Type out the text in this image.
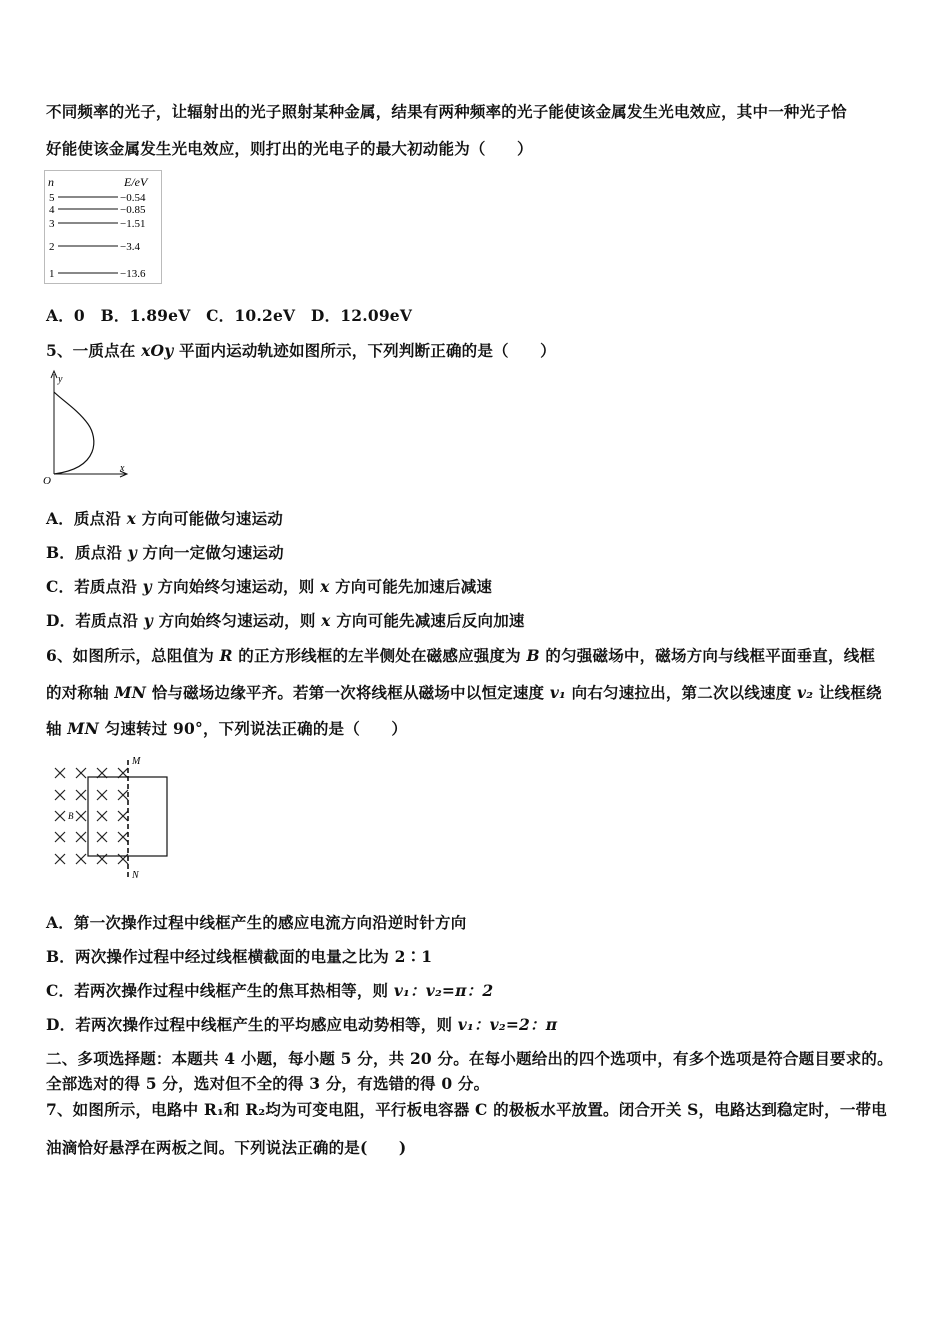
不同频率的光子，让辐射出的光子照射某种金属，结果有两种频率的光子能使该金属发生光电效应，其中一种光子恰
好能使该金属发生光电效应，则打出的光电子的最大初动能为（　　）
n	E/eV
5	−0.54
4	−0.85
3	−1.51
2	−3.4
1	−13.6
A．0　B．1.89eV　C．10.2eV　D．12.09eV
5、一质点在 xOy 平面内运动轨迹如图所示，下列判断正确的是（　　）
y
x
O
A．质点沿 x 方向可能做匀速运动
B．质点沿 y 方向一定做匀速运动
C．若质点沿 y 方向始终匀速运动，则 x 方向可能先加速后减速
D．若质点沿 y 方向始终匀速运动，则 x 方向可能先减速后反向加速
6、如图所示，总阻值为 R 的正方形线框的左半侧处在磁感应强度为 B 的匀强磁场中，磁场方向与线框平面垂直，线框
的对称轴 MN 恰与磁场边缘平齐。若第一次将线框从磁场中以恒定速度 v₁ 向右匀速拉出，第二次以线速度 v₂ 让线框绕
轴 MN 匀速转过 90°，下列说法正确的是（　　）
M
N
B
A．第一次操作过程中线框产生的感应电流方向沿逆时针方向
B．两次操作过程中经过线框横截面的电量之比为 2∶1
C．若两次操作过程中线框产生的焦耳热相等，则 v₁：v₂=π：2
D．若两次操作过程中线框产生的平均感应电动势相等，则 v₁：v₂=2：π
二、多项选择题：本题共 4 小题，每小题 5 分，共 20 分。在每小题给出的四个选项中，有多个选项是符合题目要求的。
全部选对的得 5 分，选对但不全的得 3 分，有选错的得 0 分。
7、如图所示，电路中 R₁和 R₂均为可变电阻，平行板电容器 C 的极板水平放置。闭合开关 S，电路达到稳定时，一带电
油滴恰好悬浮在两板之间。下列说法正确的是(　　)
